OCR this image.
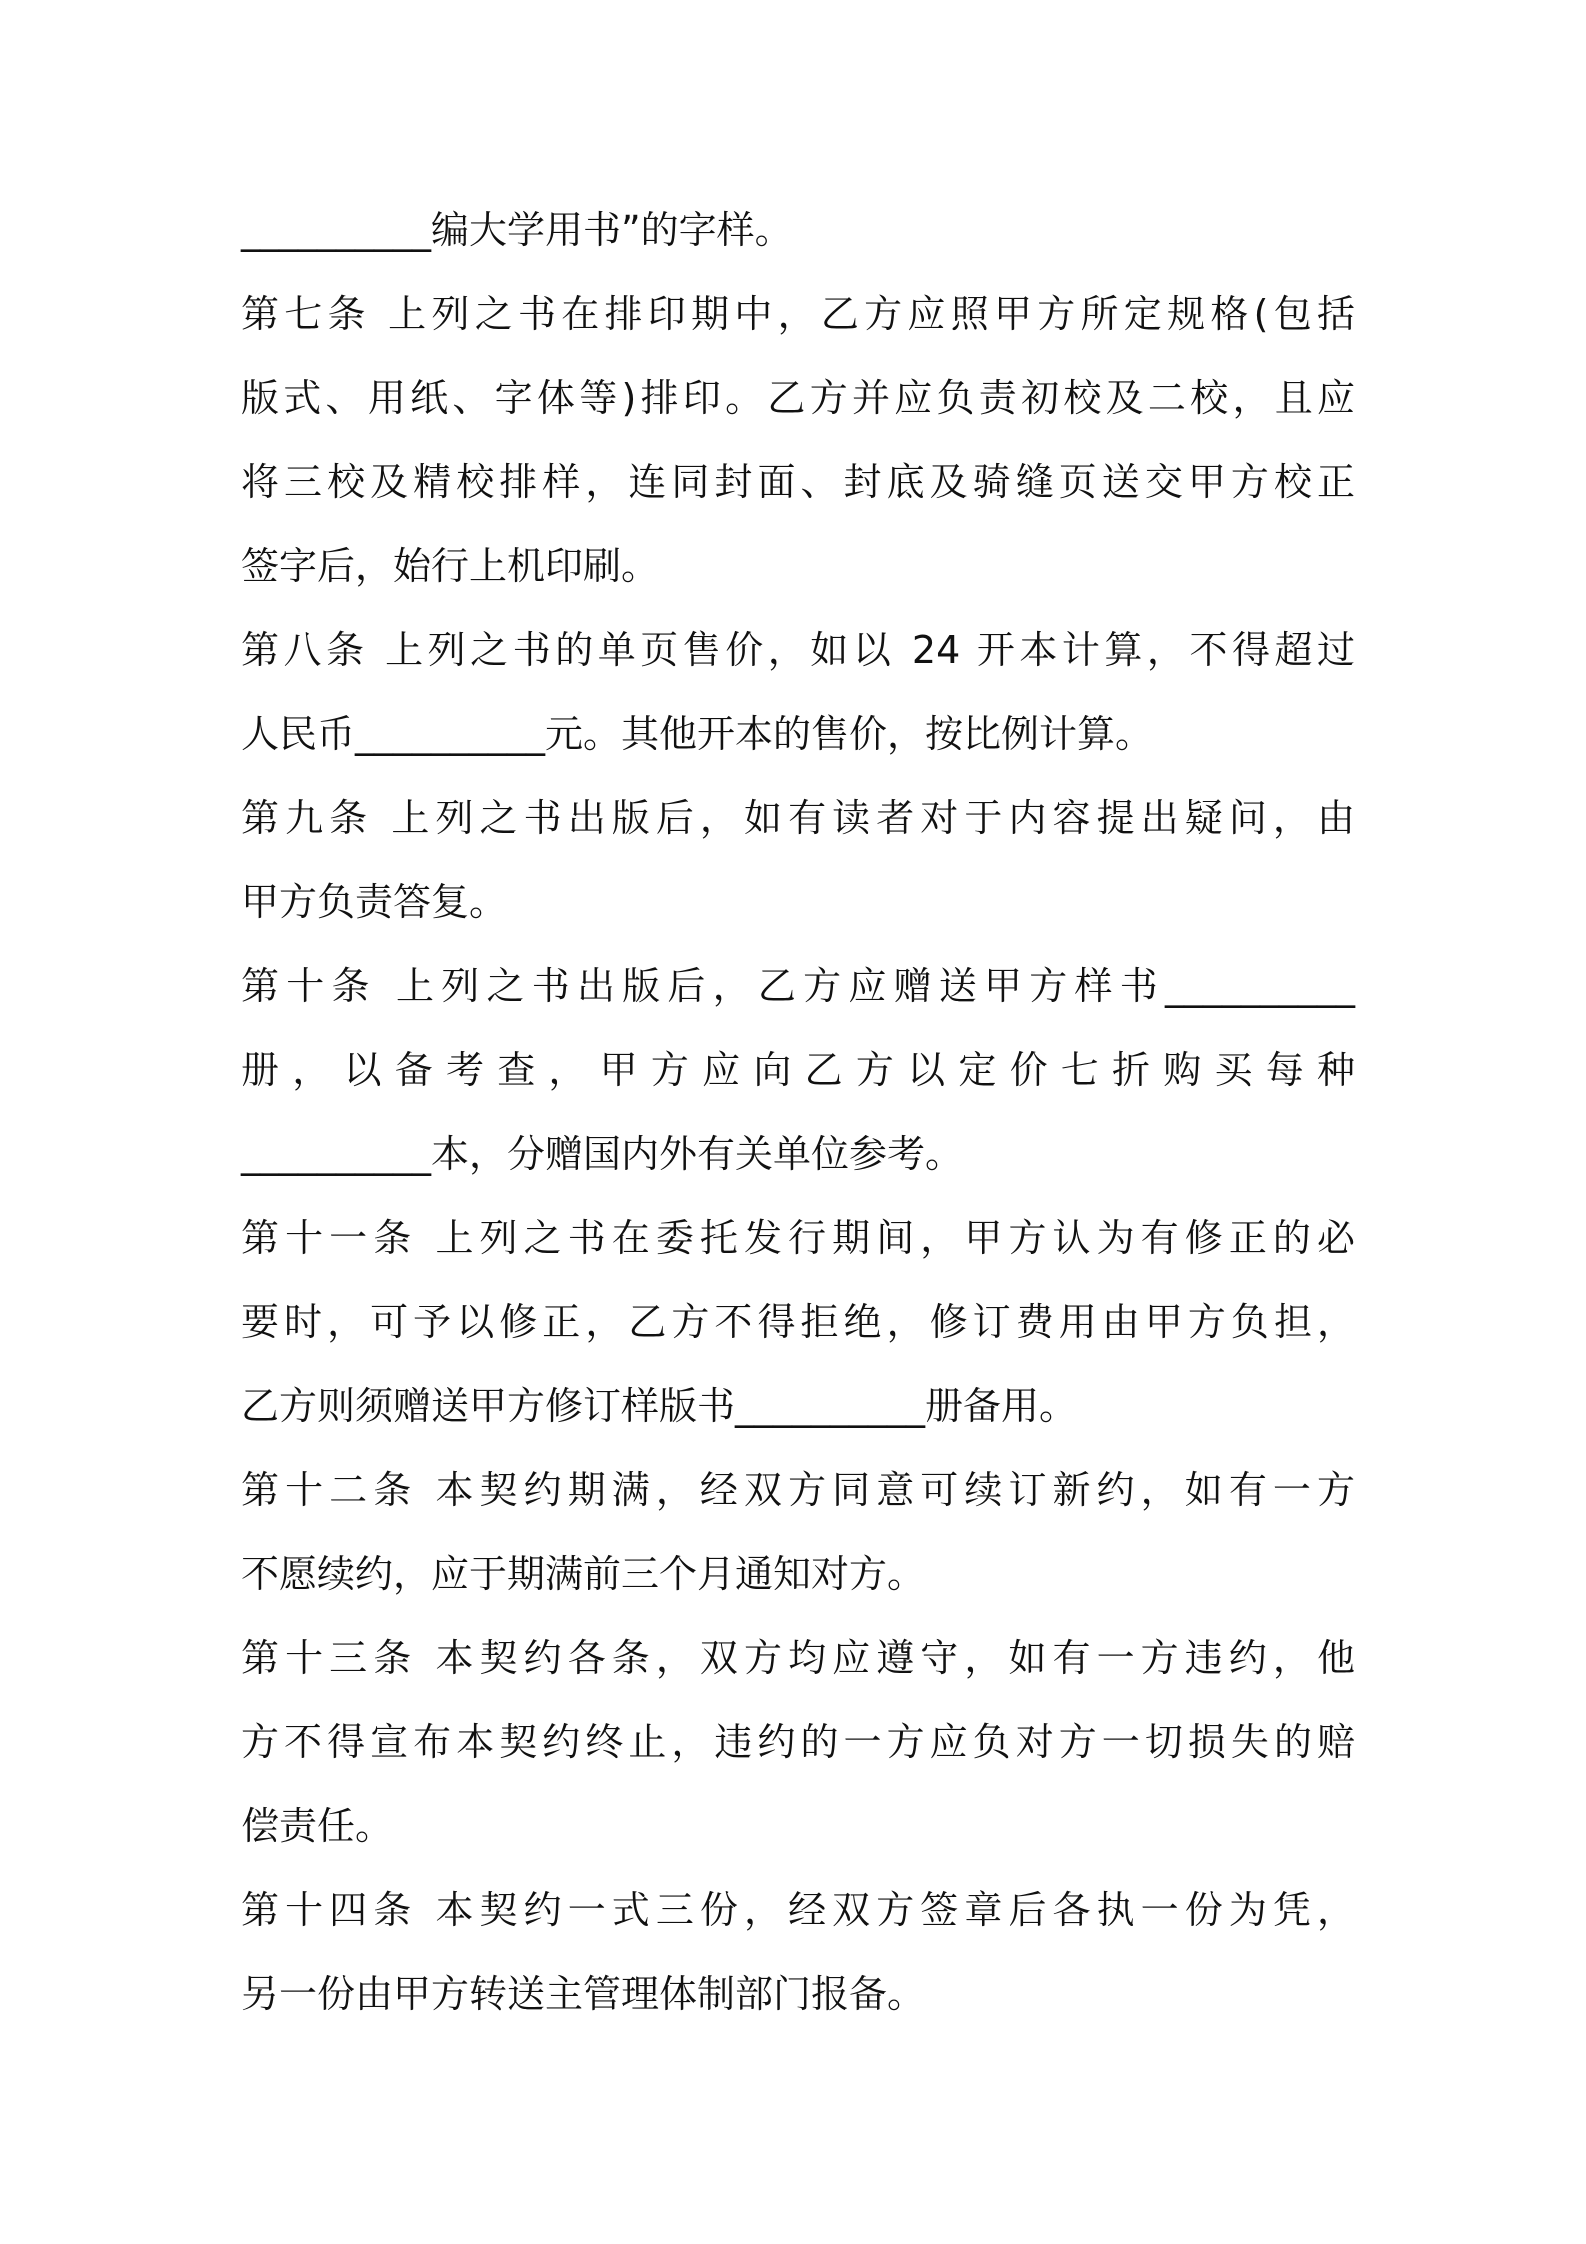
__________编大学用书”的字样。
第七条 上列之书在排印期中，乙方应照甲方所定规格(包括
版式、用纸、字体等)排印。乙方并应负责初校及二校，且应
将三校及精校排样，连同封面、封底及骑缝页送交甲方校正
签字后，始行上机印刷。
第八条 上列之书的单页售价，如以 24 开本计算，不得超过
人民币__________元。其他开本的售价，按比例计算。
第九条 上列之书出版后，如有读者对于内容提出疑问，由
甲方负责答复。
第十条 上列之书出版后，乙方应赠送甲方样书__________
册 ， 以 备 考 查 ， 甲 方 应 向 乙 方 以 定 价 七 折 购 买 每 种
__________本，分赠国内外有关单位参考。
第十一条 上列之书在委托发行期间，甲方认为有修正的必
要时，可予以修正，乙方不得拒绝，修订费用由甲方负担，
乙方则须赠送甲方修订样版书__________册备用。
第十二条 本契约期满，经双方同意可续订新约，如有一方
不愿续约，应于期满前三个月通知对方。
第十三条 本契约各条，双方均应遵守，如有一方违约，他
方不得宣布本契约终止，违约的一方应负对方一切损失的赔
偿责任。
第十四条 本契约一式三份，经双方签章后各执一份为凭，
另一份由甲方转送主管理体制部门报备。
